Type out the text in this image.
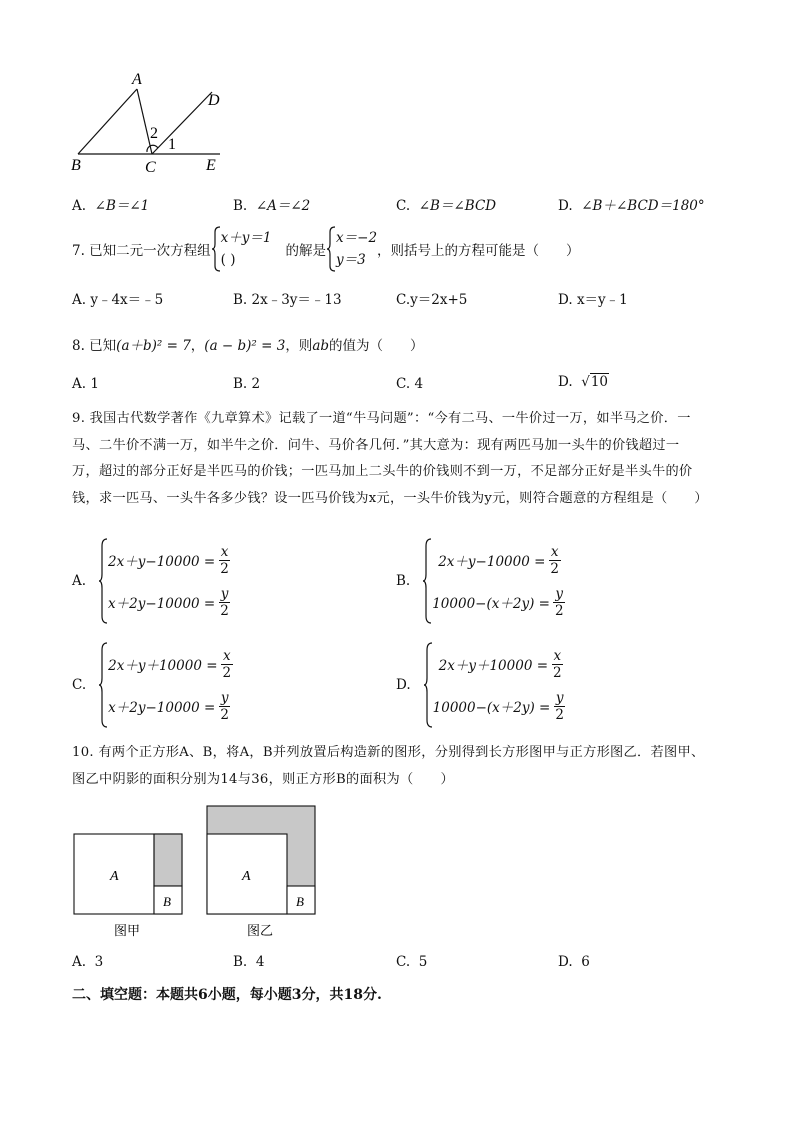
A
B	C
D
E
2
1
A. ∠B＝∠1	B. ∠A＝∠2	C. ∠B＝∠BCD	D. ∠B＋∠BCD＝180°
7. 已知二元一次方程组
x＋y＝1
( )
的解是
x＝−2
y＝3
，则括号上的方程可能是（　　）
A. y﹣4x＝﹣5	B. 2x﹣3y＝﹣13	C.y＝2x+5	D. x＝y﹣1
8. 已知(a＋b)² = 7，(a − b)² = 3，则ab的值为（　　）
A. 1	B. 2	C. 4	D. √10
9. 我国古代数学著作《九章算术》记载了一道“牛马问题”：“今有二马、一牛价过一万，如半马之价．一
马、二牛价不满一万，如半牛之价．问牛、马价各几何．”其大意为：现有两匹马加一头牛的价钱超过一
万，超过的部分正好是半匹马的价钱；一匹马加上二头牛的价钱则不到一万，不足部分正好是半头牛的价
钱，求一匹马、一头牛各多少钱？设一匹马价钱为x元，一头牛价钱为y元，则符合题意的方程组是（　　）
A.
$2x+y-10000 = \frac{x}{2}$
$x+2y-10000 = \frac{y}{2}$
B.
$2x+y-10000 = \frac{x}{2}$
$10000-(x+2y) = \frac{y}{2}$
C.
$2x+y+10000 = \frac{x}{2}$
$x+2y-10000 = \frac{y}{2}$
D.
$2x+y+10000 = \frac{x}{2}$
$10000-(x+2y) = \frac{y}{2}$
10. 有两个正方形A、B，将A，B并列放置后构造新的图形，分别得到长方形图甲与正方形图乙．若图甲、
图乙中阴影的面积分别为14与36，则正方形B的面积为（　　）
A
B
图甲
A
B
图乙
A. 3	B. 4	C. 5	D. 6
二、填空题：本题共6小题，每小题3分，共18分.
